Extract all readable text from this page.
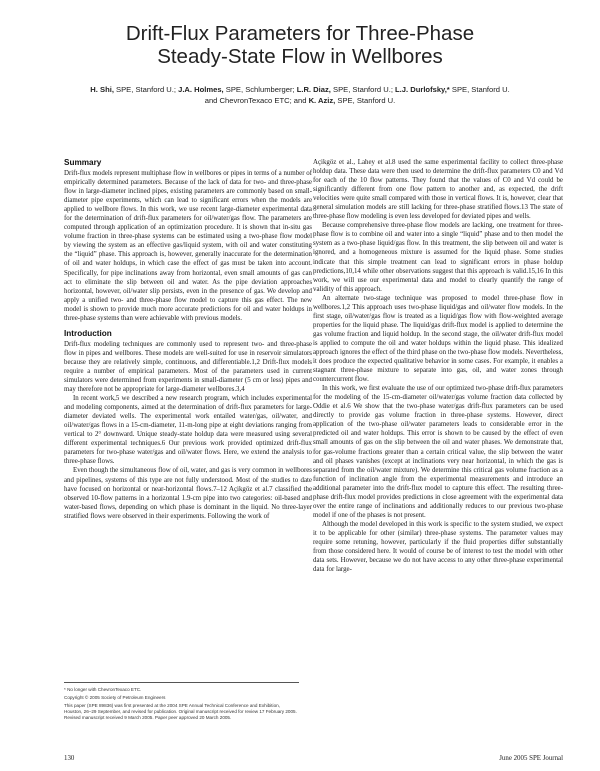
Drift-Flux Parameters for Three-Phase
Steady-State Flow in Wellbores
H. Shi, SPE, Stanford U.; J.A. Holmes, SPE, Schlumberger; L.R. Diaz, SPE, Stanford U.; L.J. Durlofsky,* SPE, Stanford U.
and ChevronTexaco ETC; and K. Aziz, SPE, Stanford U.
Summary

Drift-flux models represent multiphase flow in wellbores or pipes in terms of a number of empirically determined parameters. Because of the lack of data for two- and three-phase flow in large-diameter inclined pipes, existing parameters are commonly based on small-diameter pipe experiments, which can lead to significant errors when the models are applied to wellbore flows. In this work, we use recent large-diameter experimental data for the determination of drift-flux parameters for oil/water/gas flow. The parameters are computed through application of an optimization procedure. It is shown that in-situ gas volume fraction in three-phase systems can be estimated using a two-phase flow model by viewing the system as an effective gas/liquid system, with oil and water constituting the “liquid” phase. This approach is, however, generally inaccurate for the determination of oil and water holdups, in which case the effect of gas must be taken into account. Specifically, for pipe inclinations away from horizontal, even small amounts of gas can act to eliminate the slip between oil and water. As the pipe deviation approaches horizontal, however, oil/water slip persists, even in the presence of gas. We develop and apply a unified two- and three-phase flow model to capture this gas effect. The new model is shown to provide much more accurate predictions for oil and water holdups in three-phase systems than were achievable with previous models.

Introduction

Drift-flux modeling techniques are commonly used to represent two- and three-phase flow in pipes and wellbores. These models are well-suited for use in reservoir simulators because they are relatively simple, continuous, and differentiable.1,2 Drift-flux models require a number of empirical parameters. Most of the parameters used in current simulators were determined from experiments in small-diameter (5 cm or less) pipes and may therefore not be appropriate for large-diameter wellbores.3,4

In recent work,5 we described a new research program, which includes experimental and modeling components, aimed at the determination of drift-flux parameters for large-diameter deviated wells. The experimental work entailed water/gas, oil/water, and oil/water/gas flows in a 15-cm-diameter, 11-m-long pipe at eight deviations ranging from vertical to 2° downward. Unique steady-state holdup data were measured using several different experimental techniques.6 Our previous work provided optimized drift-flux parameters for two-phase water/gas and oil/water flows. Here, we extend the analysis to three-phase flows.

Even though the simultaneous flow of oil, water, and gas is very common in wellbores and pipelines, systems of this type are not fully understood. Most of the studies to date have focused on horizontal or near-horizontal flows.7–12 Açikgöz et al.7 classified the observed 10-flow patterns in a horizontal 1.9-cm pipe into two categories: oil-based and water-based flows, depending on which phase is dominant in the liquid. No three-layer stratified flows were observed in their experiments. Following the work of

* No longer with ChevronTexaco ETC.

Copyright © 2005 Society of Petroleum Engineers

This paper (SPE 89836) was first presented at the 2004 SPE Annual Technical Conference and Exhibition, Houston, 26–29 September, and revised for publication. Original manuscript received for review 17 February 2005. Revised manuscript received 9 March 2005. Paper peer approved 20 March 2005.

Açikgöz et al., Lahey et al.8 used the same experimental facility to collect three-phase holdup data. These data were then used to determine the drift-flux parameters C0 and Vd for each of the 10 flow patterns. They found that the values of C0 and Vd could be significantly different from one flow pattern to another and, as expected, the drift velocities were quite small compared with those in vertical flows. It is, however, clear that general simulation models are still lacking for three-phase stratified flows.13 The state of three-phase flow modeling is even less developed for deviated pipes and wells.

Because comprehensive three-phase flow models are lacking, one treatment for three-phase flow is to combine oil and water into a single “liquid” phase and to then model the system as a two-phase liquid/gas flow. In this treatment, the slip between oil and water is ignored, and a homogeneous mixture is assumed for the liquid phase. Some studies indicate that this simple treatment can lead to significant errors in phase holdup predictions,10,14 while other observations suggest that this approach is valid.15,16 In this work, we will use our experimental data and model to clearly quantify the range of validity of this approach.

An alternate two-stage technique was proposed to model three-phase flow in wellbores.1,2 This approach uses two-phase liquid/gas and oil/water flow models. In the first stage, oil/water/gas flow is treated as a liquid/gas flow with flow-weighted average properties for the liquid phase. The liquid/gas drift-flux model is applied to determine the gas volume fraction and liquid holdup. In the second stage, the oil/water drift-flux model is applied to compute the oil and water holdups within the liquid phase. This idealized approach ignores the effect of the third phase on the two-phase flow models. Nevertheless, it does produce the expected qualitative behavior in some cases. For example, it enables a stagnant three-phase mixture to separate into gas, oil, and water zones through countercurrent flow.

In this work, we first evaluate the use of our optimized two-phase drift-flux parameters for the modeling of the 15-cm-diameter oil/water/gas volume fraction data collected by Oddie et al.6 We show that the two-phase water/gas drift-flux parameters can be used directly to provide gas volume fraction in three-phase systems. However, direct application of the two-phase oil/water parameters leads to considerable error in the predicted oil and water holdups. This error is shown to be caused by the effect of even small amounts of gas on the slip between the oil and water phases. We demonstrate that, for gas-volume fractions greater than a certain critical value, the slip between the water and oil phases vanishes (except at inclinations very near horizontal, in which the gas is separated from the oil/water mixture). We determine this critical gas volume fraction as a function of inclination angle from the experimental measurements and introduce an additional parameter into the drift-flux model to capture this effect. The resulting three-phase drift-flux model provides predictions in close agreement with the experimental data over the entire range of inclinations and additionally reduces to our previous two-phase model if one of the phases is not present.

Although the model developed in this work is specific to the system studied, we expect it to be applicable for other (similar) three-phase systems. The parameter values may require some retuning, however, particularly if the fluid properties differ substantially from those considered here. It would of course be of interest to test the model with other data sets. However, because we do not have access to any other three-phase experimental data for large-

130	June 2005 SPE Journal
